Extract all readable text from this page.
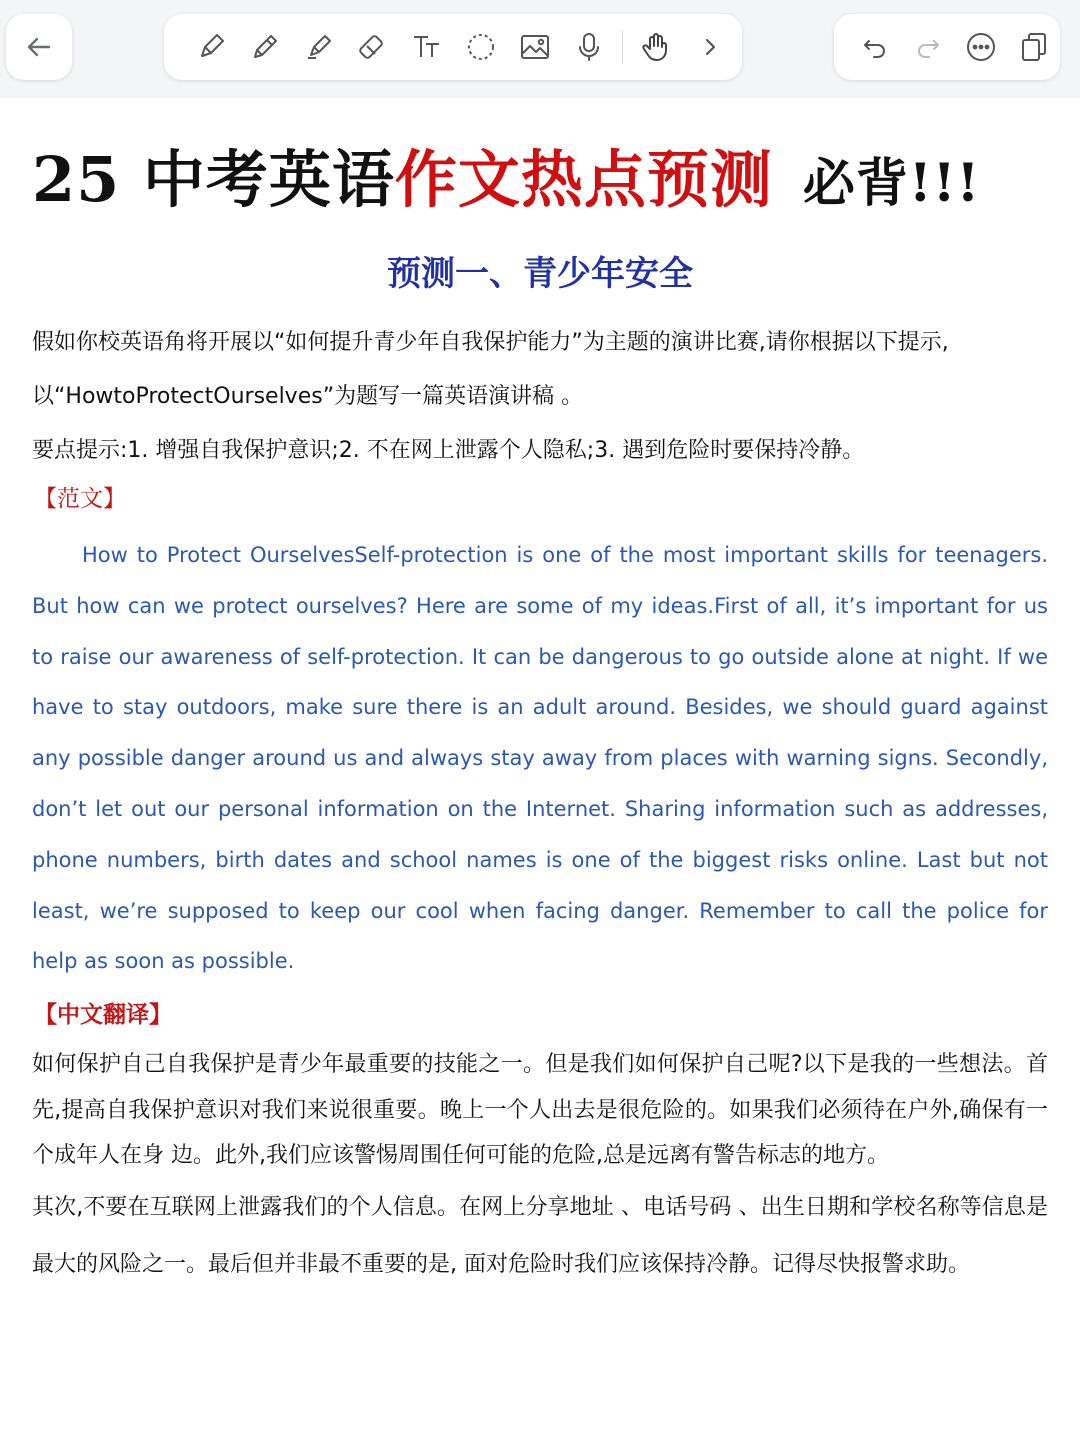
25 中考英语作文热点预测 必背!!!
预测一、青少年安全

假如你校英语角将开展以“如何提升青少年自我保护能力”为主题的演讲比赛,请你根据以下提示,以“HowtoProtectOurselves”为题写一篇英语演讲稿 。

要点提示:1. 增强自我保护意识;2. 不在网上泄露个人隐私;3. 遇到危险时要保持冷静。

【范文】
How to Protect OurselvesSelf-protection is one of the most important skills for teenagers. But how can we protect ourselves? Here are some of my ideas.First of all, it’s important for us to raise our awareness of self-protection. It can be dangerous to go outside alone at night. If we have to stay outdoors, make sure there is an adult around. Besides, we should guard against any possible danger around us and always stay away from places with warning signs. Secondly, don’t let out our personal information on the Internet. Sharing information such as addresses, phone numbers, birth dates and school names is one of the biggest risks online. Last but not least, we’re supposed to keep our cool when facing danger. Remember to call the police for help as soon as possible.
【中文翻译】

如何保护自己自我保护是青少年最重要的技能之一。但是我们如何保护自己呢?以下是我的一些想法。首先,提高自我保护意识对我们来说很重要。晚上一个人出去是很危险的。如果我们必须待在户外,确保有一个成年人在身 边。此外,我们应该警惕周围任何可能的危险,总是远离有警告标志的地方。

其次,不要在互联网上泄露我们的个人信息。在网上分享地址 、电话号码 、出生日期和学校名称等信息是最大的风险之一。最后但并非最不重要的是, 面对危险时我们应该保持冷静。记得尽快报警求助。
